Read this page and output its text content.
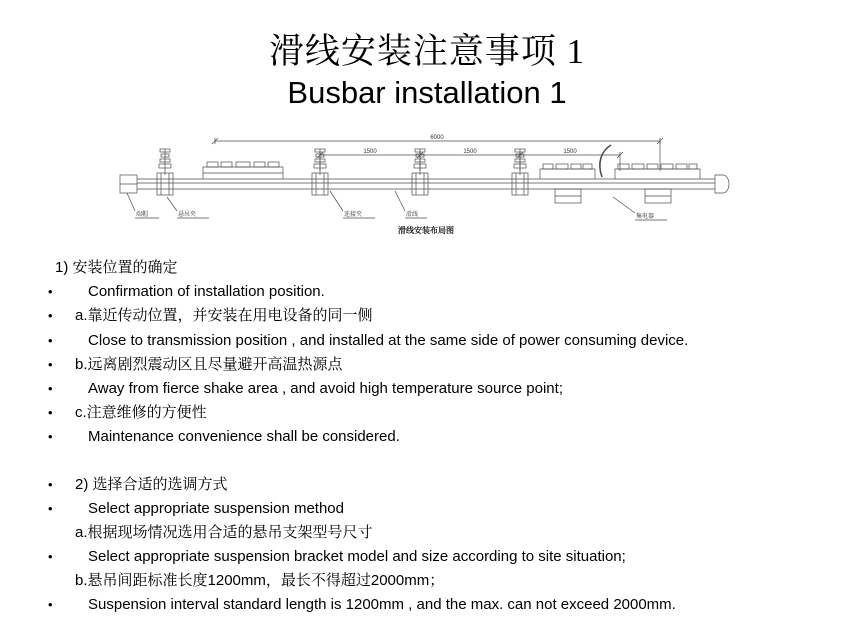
滑线安装注意事项 1
Busbar installation 1
6000
1500	1500	1500
端帽	悬吊夹	连接夹	滑线	集电器
滑线安装布局图
1) 安装位置的确定
• Confirmation of installation position.
• a.靠近传动位置，并安装在用电设备的同一侧
• Close to transmission position , and installed at the same side of power consuming device.
• b.远离剧烈震动区且尽量避开高温热源点
• Away from fierce shake area , and avoid high temperature source point;
• c.注意维修的方便性
• Maintenance convenience shall be considered.
• 2) 选择合适的选调方式
• Select appropriate suspension method
a.根据现场情况选用合适的悬吊支架型号尺寸
• Select appropriate suspension bracket model and size according to site situation;
b.悬吊间距标准长度1200mm，最长不得超过2000mm；
• Suspension interval standard length is 1200mm , and the max. can not exceed 2000mm.
